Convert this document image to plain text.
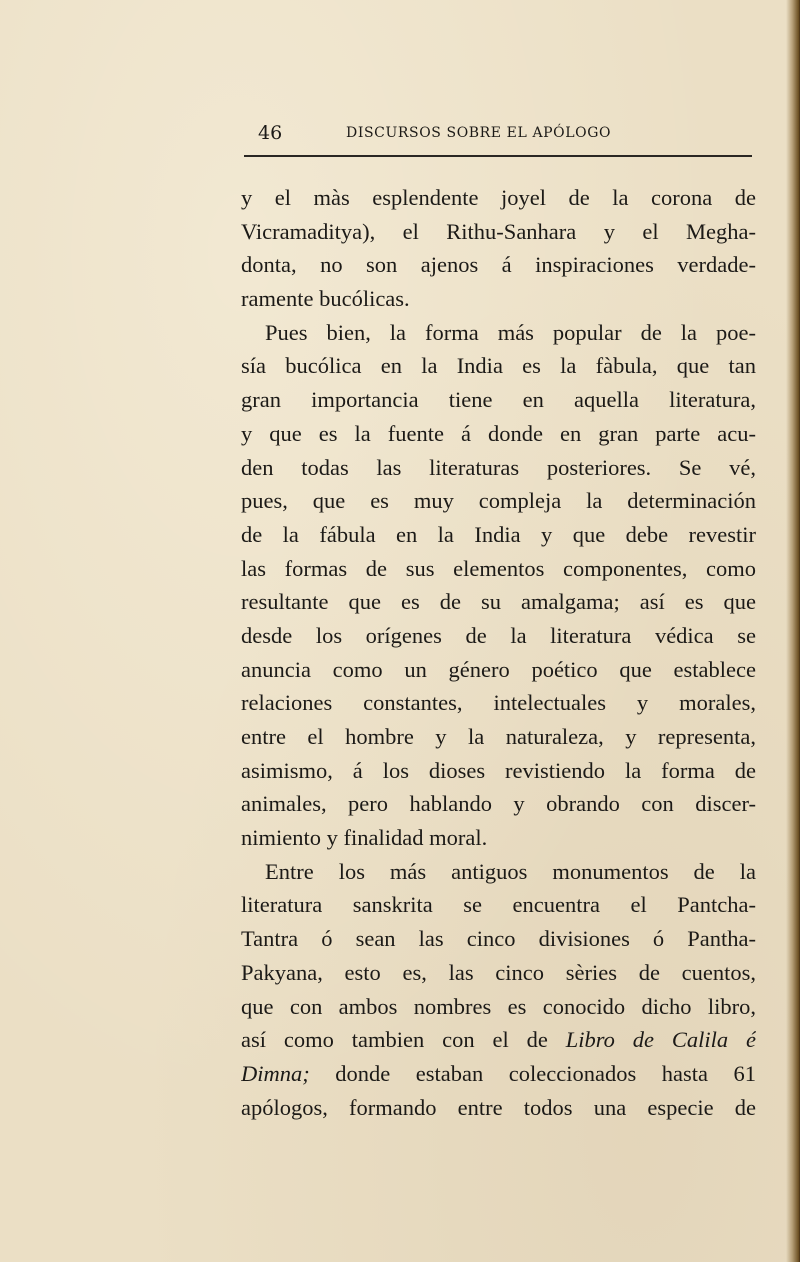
46	DISCURSOS SOBRE EL APÓLOGO
y el màs esplendente joyel de la corona de
Vicramaditya), el Rithu-Sanhara y el Megha-
donta, no son ajenos á inspiraciones verdade-
ramente bucólicas.
Pues bien, la forma más popular de la poe-
sía bucólica en la India es la fàbula, que tan
gran importancia tiene en aquella literatura,
y que es la fuente á donde en gran parte acu-
den todas las literaturas posteriores. Se vé,
pues, que es muy compleja la determinación
de la fábula en la India y que debe revestir
las formas de sus elementos componentes, como
resultante que es de su amalgama; así es que
desde los orígenes de la literatura védica se
anuncia como un género poético que establece
relaciones constantes, intelectuales y morales,
entre el hombre y la naturaleza, y representa,
asimismo, á los dioses revistiendo la forma de
animales, pero hablando y obrando con discer-
nimiento y finalidad moral.
Entre los más antiguos monumentos de la
literatura sanskrita se encuentra el Pantcha-
Tantra ó sean las cinco divisiones ó Pantha-
Pakyana, esto es, las cinco sèries de cuentos,
que con ambos nombres es conocido dicho libro,
así como tambien con el de Libro de Calila é
Dimna; donde estaban coleccionados hasta 61
apólogos, formando entre todos una especie de
